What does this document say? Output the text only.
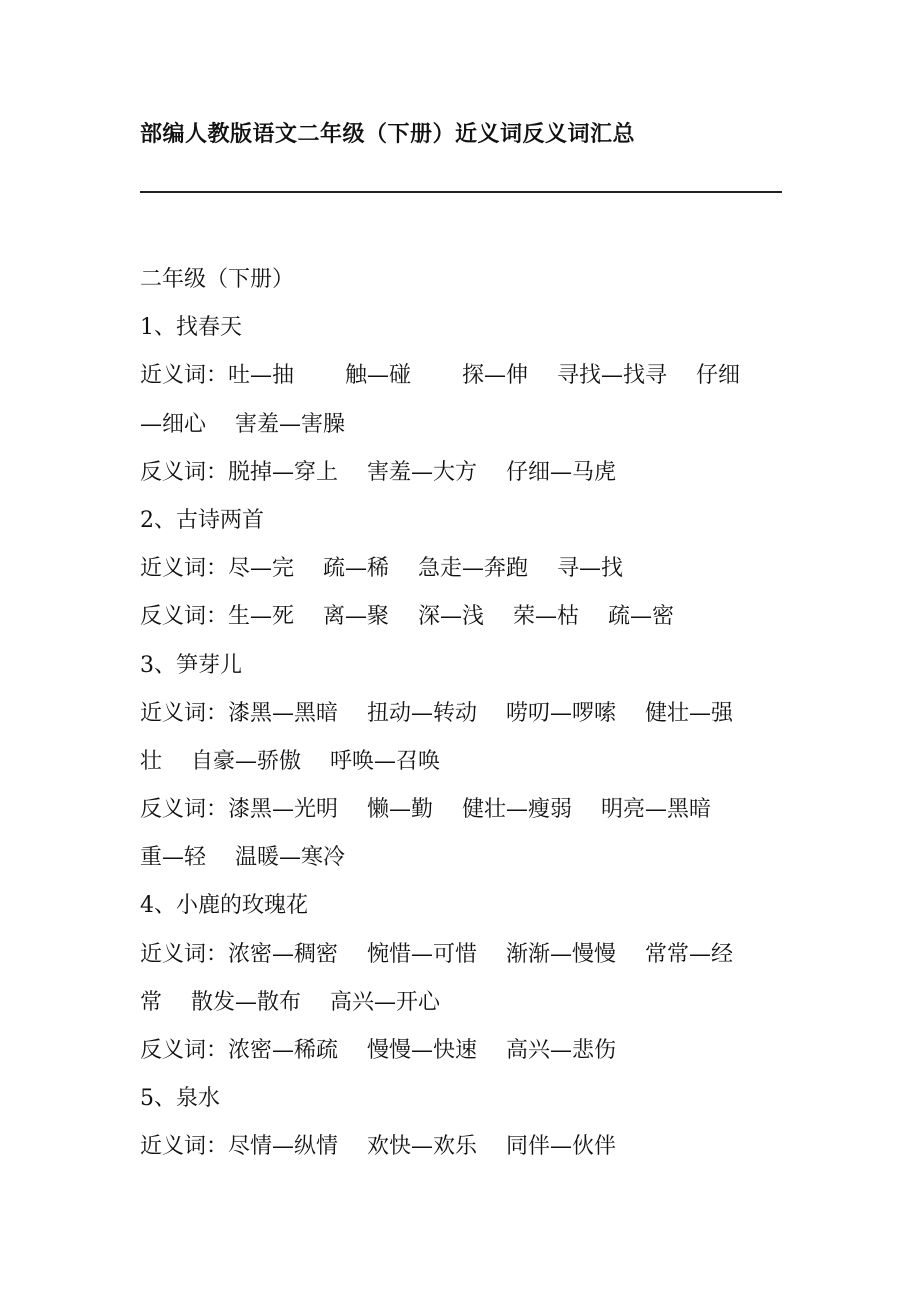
部编人教版语文二年级（下册）近义词反义词汇总
二年级（下册）
1、找春天
近义词：吐—抽　　 触—碰　　 探—伸　 寻找—找寻　 仔细
—细心　 害羞—害臊
反义词：脱掉—穿上　 害羞—大方　 仔细—马虎
2、古诗两首
近义词：尽—完　 疏—稀　 急走—奔跑　 寻—找
反义词：生—死　 离—聚　 深—浅　 荣—枯　 疏—密
3、笋芽儿
近义词：漆黑—黑暗　 扭动—转动　 唠叨—啰嗦　 健壮—强
壮　 自豪—骄傲　 呼唤—召唤
反义词：漆黑—光明　 懒—勤　 健壮—瘦弱　 明亮—黑暗
重—轻　 温暖—寒冷
4、小鹿的玫瑰花
近义词：浓密—稠密　 惋惜—可惜　 渐渐—慢慢　 常常—经
常　 散发—散布　 高兴—开心
反义词：浓密—稀疏　 慢慢—快速　 高兴—悲伤
5、泉水
近义词：尽情—纵情　 欢快—欢乐　 同伴—伙伴
